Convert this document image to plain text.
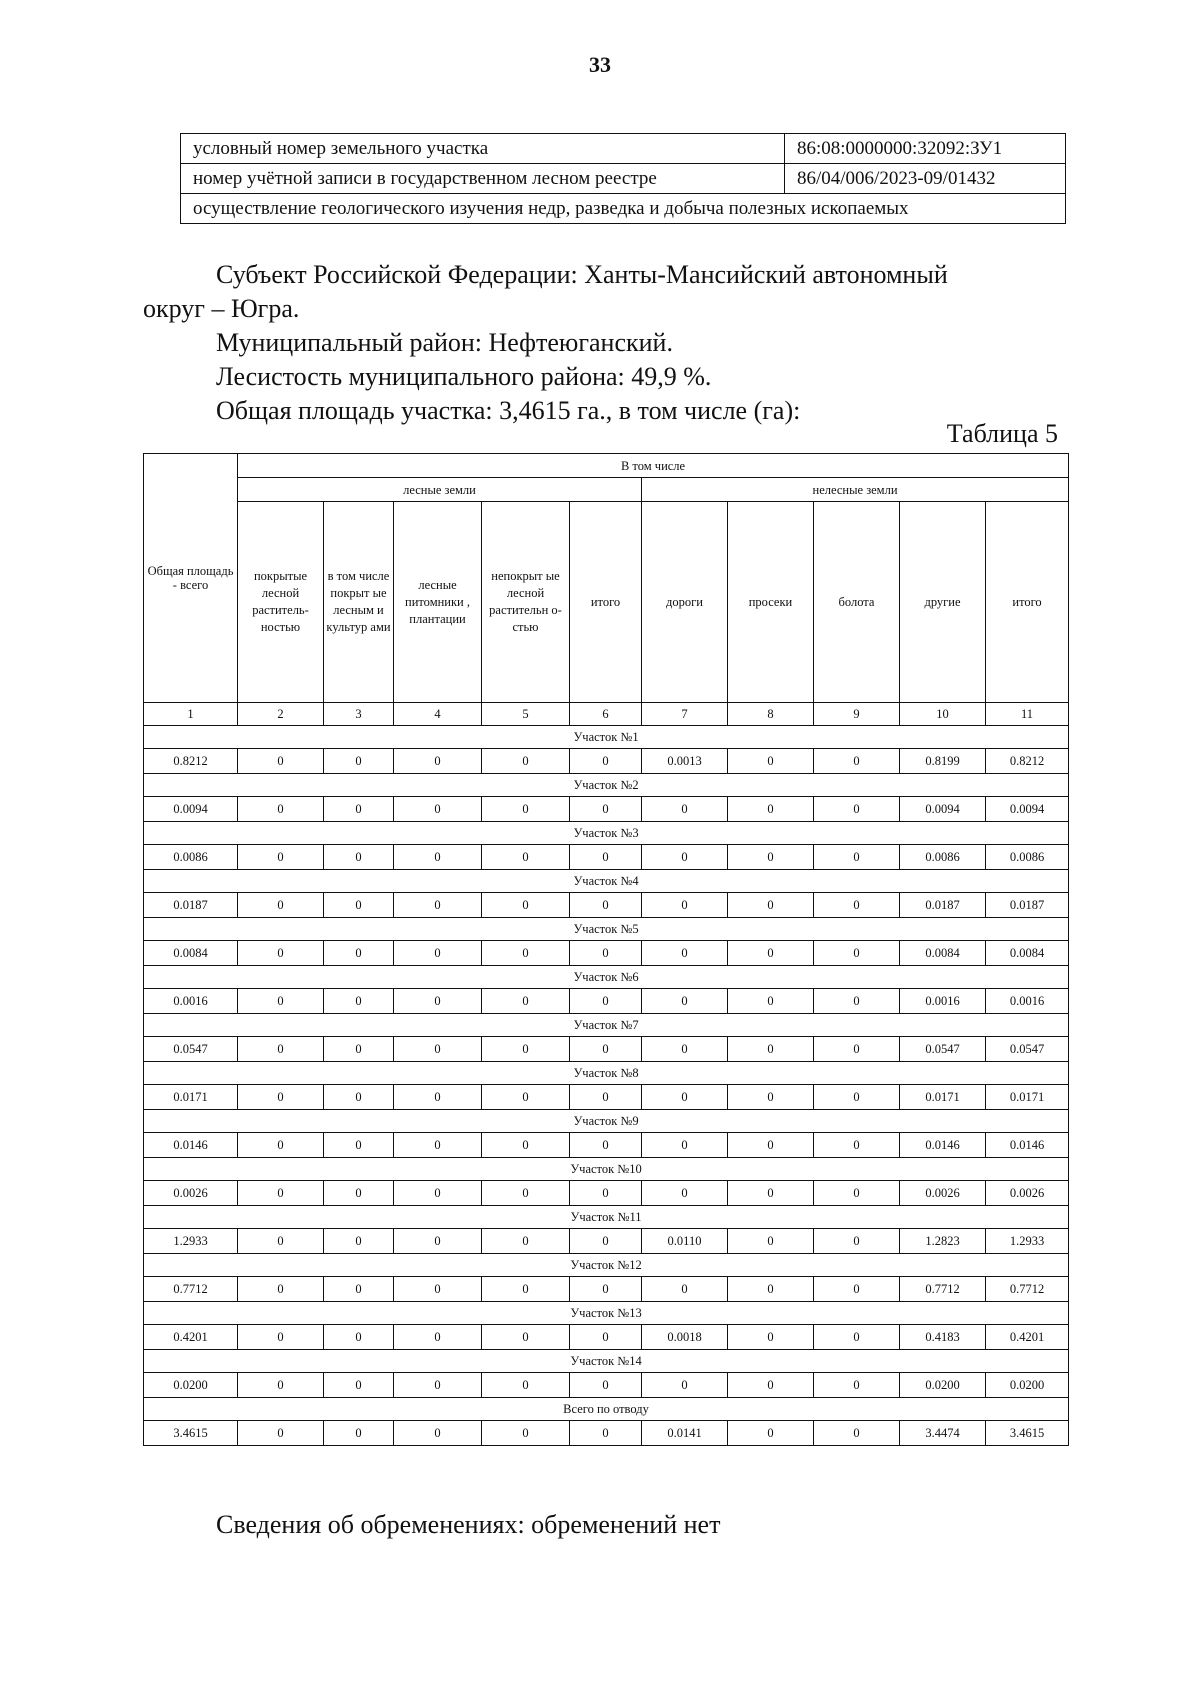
33
условный номер земельного участка	86:08:0000000:32092:ЗУ1
номер учётной записи в государственном лесном реестре	86/04/006/2023-09/01432
осуществление геологического изучения недр, разведка и добыча полезных ископаемых	
Субъект Российской Федерации: Ханты-Мансийский автономный
округ – Югра.
Муниципальный район: Нефтеюганский.
Лесистость муниципального района: 49,9 %.
Общая площадь участка: 3,4615 га., в том числе (га):
Таблица 5
Общая площадь - всего	В том числе									
	лесные земли					нелесные земли				
	покрытые лесной раститель-ностью	в том числе покрыт ые лесным и культур ами	лесные питомники , плантации	непокрыт ые лесной растительн о-стью	итого	дороги	просеки	болота	другие	итого
1	2	3	4	5	6	7	8	9	10	11
Участок №1										
0.8212	0	0	0	0	0	0.0013	0	0	0.8199	0.8212
Участок №2										
0.0094	0	0	0	0	0	0	0	0	0.0094	0.0094
Участок №3										
0.0086	0	0	0	0	0	0	0	0	0.0086	0.0086
Участок №4										
0.0187	0	0	0	0	0	0	0	0	0.0187	0.0187
Участок №5										
0.0084	0	0	0	0	0	0	0	0	0.0084	0.0084
Участок №6										
0.0016	0	0	0	0	0	0	0	0	0.0016	0.0016
Участок №7										
0.0547	0	0	0	0	0	0	0	0	0.0547	0.0547
Участок №8										
0.0171	0	0	0	0	0	0	0	0	0.0171	0.0171
Участок №9										
0.0146	0	0	0	0	0	0	0	0	0.0146	0.0146
Участок №10										
0.0026	0	0	0	0	0	0	0	0	0.0026	0.0026
Участок №11										
1.2933	0	0	0	0	0	0.0110	0	0	1.2823	1.2933
Участок №12										
0.7712	0	0	0	0	0	0	0	0	0.7712	0.7712
Участок №13										
0.4201	0	0	0	0	0	0.0018	0	0	0.4183	0.4201
Участок №14										
0.0200	0	0	0	0	0	0	0	0	0.0200	0.0200
Всего по отводу										
3.4615	0	0	0	0	0	0.0141	0	0	3.4474	3.4615
Сведения об обременениях: обременений нет
